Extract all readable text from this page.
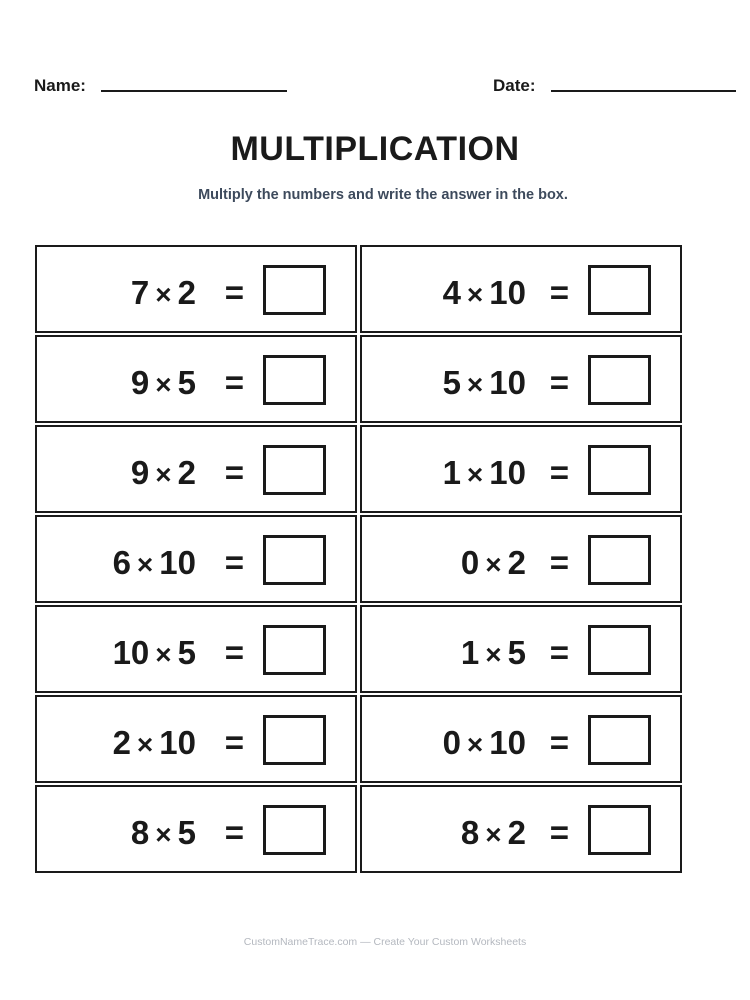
Name:	Date:
MULTIPLICATION
Multiply the numbers and write the answer in the box.
7 × 2 =	4 × 10 =
9 × 5 =	5 × 10 =
9 × 2 =	1 × 10 =
6 × 10 =	0 × 2 =
10 × 5 =	1 × 5 =
2 × 10 =	0 × 10 =
8 × 5 =	8 × 2 =
CustomNameTrace.com — Create Your Custom Worksheets
